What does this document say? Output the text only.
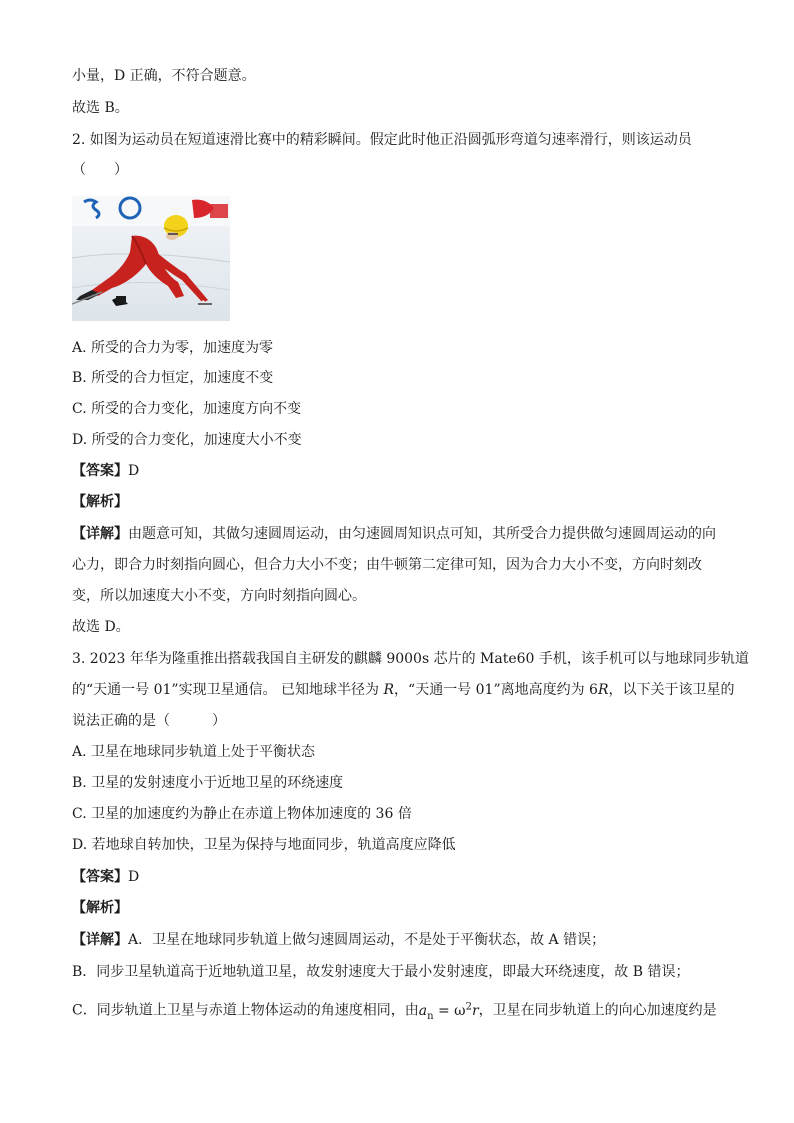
小量，D 正确，不符合题意。
故选 B。
2. 如图为运动员在短道速滑比赛中的精彩瞬间。假定此时他正沿圆弧形弯道匀速率滑行，则该运动员
（　　）
A. 所受的合力为零，加速度为零
B. 所受的合力恒定，加速度不变
C. 所受的合力变化，加速度方向不变
D. 所受的合力变化，加速度大小不变
【答案】D
【解析】
【详解】由题意可知，其做匀速圆周运动，由匀速圆周知识点可知，其所受合力提供做匀速圆周运动的向
心力，即合力时刻指向圆心，但合力大小不变；由牛顿第二定律可知，因为合力大小不变，方向时刻改
变，所以加速度大小不变，方向时刻指向圆心。
故选 D。
3. 2023 年华为隆重推出搭载我国自主研发的麒麟 9000s 芯片的 Mate60 手机，该手机可以与地球同步轨道
的“天通一号 01”实现卫星通信。 已知地球半径为 R，“天通一号 01”离地高度约为 6R，以下关于该卫星的
说法正确的是（　　　）
A. 卫星在地球同步轨道上处于平衡状态
B. 卫星的发射速度小于近地卫星的环绕速度
C. 卫星的加速度约为静止在赤道上物体加速度的 36 倍
D. 若地球自转加快，卫星为保持与地面同步，轨道高度应降低
【答案】D
【解析】
【详解】A．卫星在地球同步轨道上做匀速圆周运动，不是处于平衡状态，故 A 错误；
B．同步卫星轨道高于近地轨道卫星，故发射速度大于最小发射速度，即最大环绕速度，故 B 错误；
C．同步轨道上卫星与赤道上物体运动的角速度相同，由$a_n = \omega^2r$，卫星在同步轨道上的向心加速度约是
